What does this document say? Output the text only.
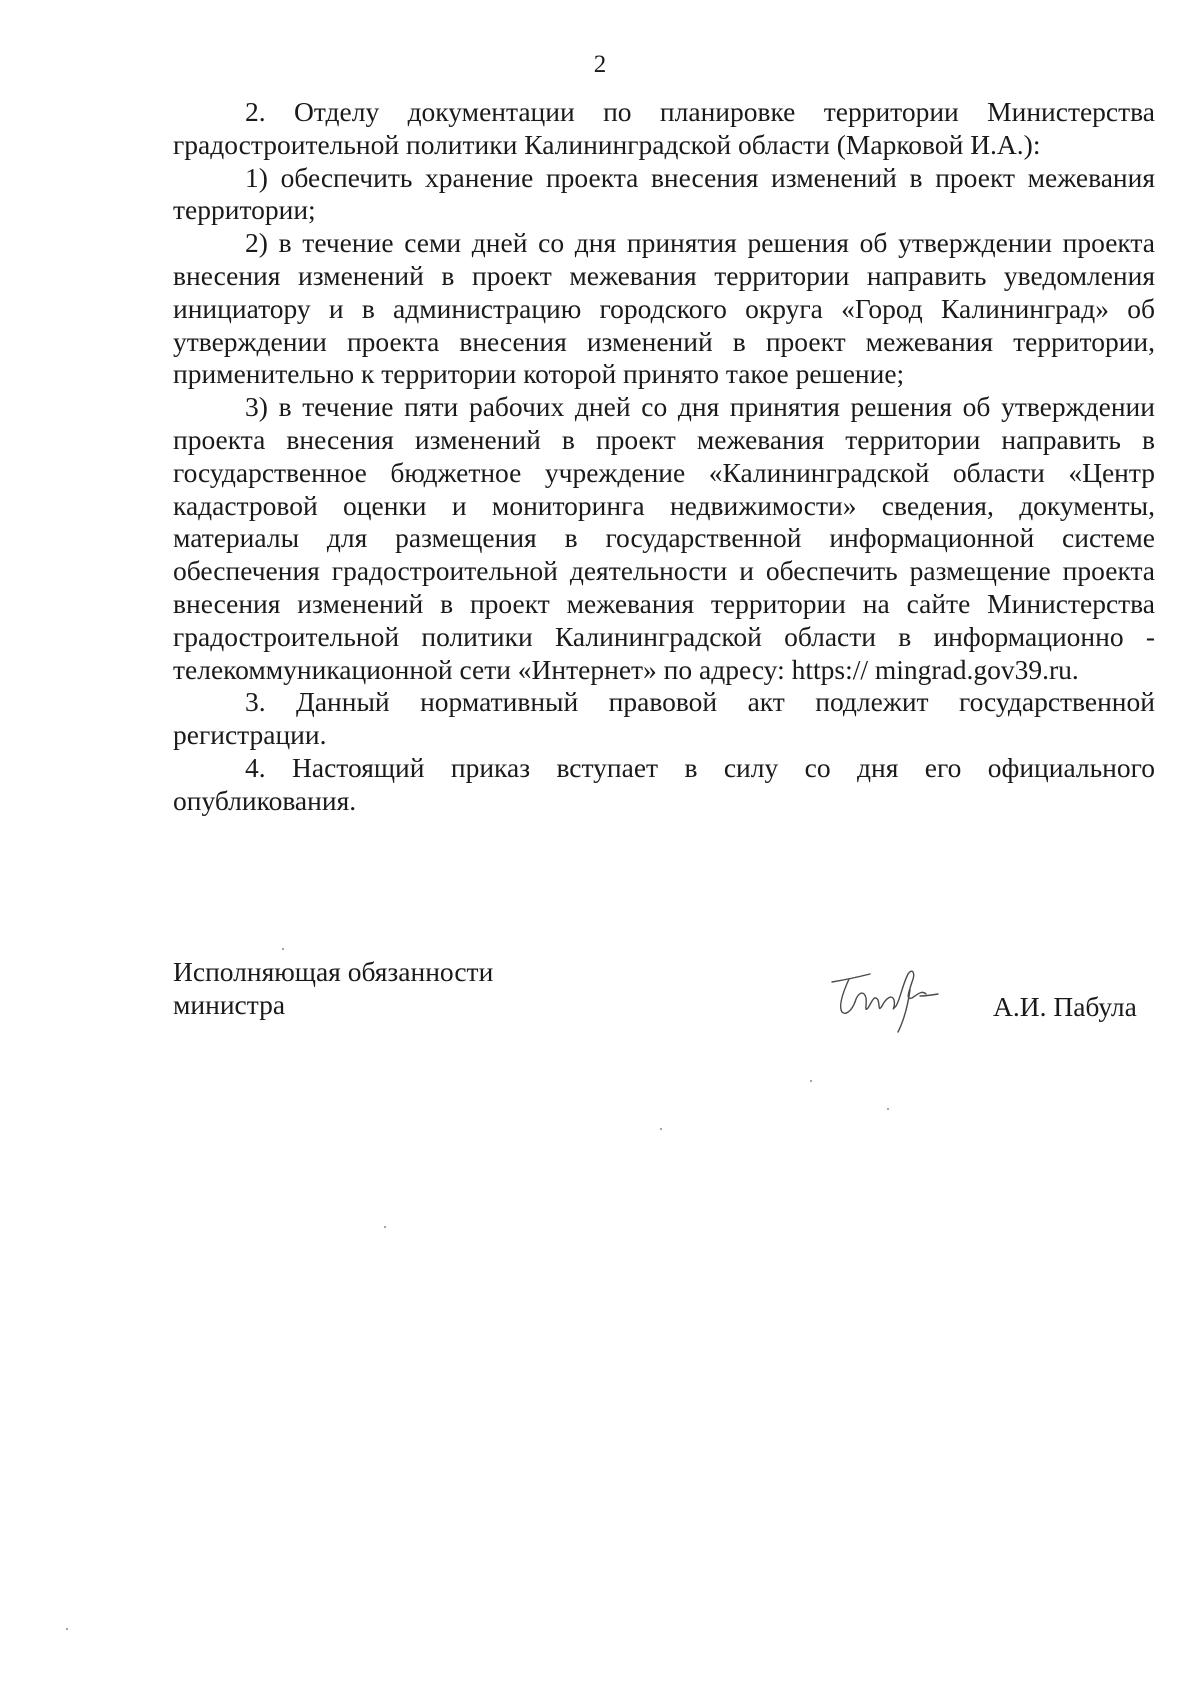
2

2. Отделу документации по планировке территории Министерства градостроительной политики Калининградской области (Марковой И.А.):

1) обеспечить хранение проекта внесения изменений в проект межевания территории;

2) в течение семи дней со дня принятия решения об утверждении проекта внесения изменений в проект межевания территории направить уведомления инициатору и в администрацию городского округа «Город Калининград» об утверждении проекта внесения изменений в проект межевания территории, применительно к территории которой принято такое решение;

3) в течение пяти рабочих дней со дня принятия решения об утверждении проекта внесения изменений в проект межевания территории направить в государственное бюджетное учреждение «Калининградской области «Центр кадастровой оценки и мониторинга недвижимости» сведения, документы, материалы для размещения в государственной информационной системе обеспечения градостроительной деятельности и обеспечить размещение проекта внесения изменений в проект межевания территории на сайте Министерства градостроительной политики Калининградской области в информационно - телекоммуникационной сети «Интернет» по адресу: https:// mingrad.gov39.ru.

3. Данный нормативный правовой акт подлежит государственной регистрации.

4. Настоящий приказ вступает в силу со дня его официального опубликования.

Исполняющая обязанности
министра	А.И. Пабула
